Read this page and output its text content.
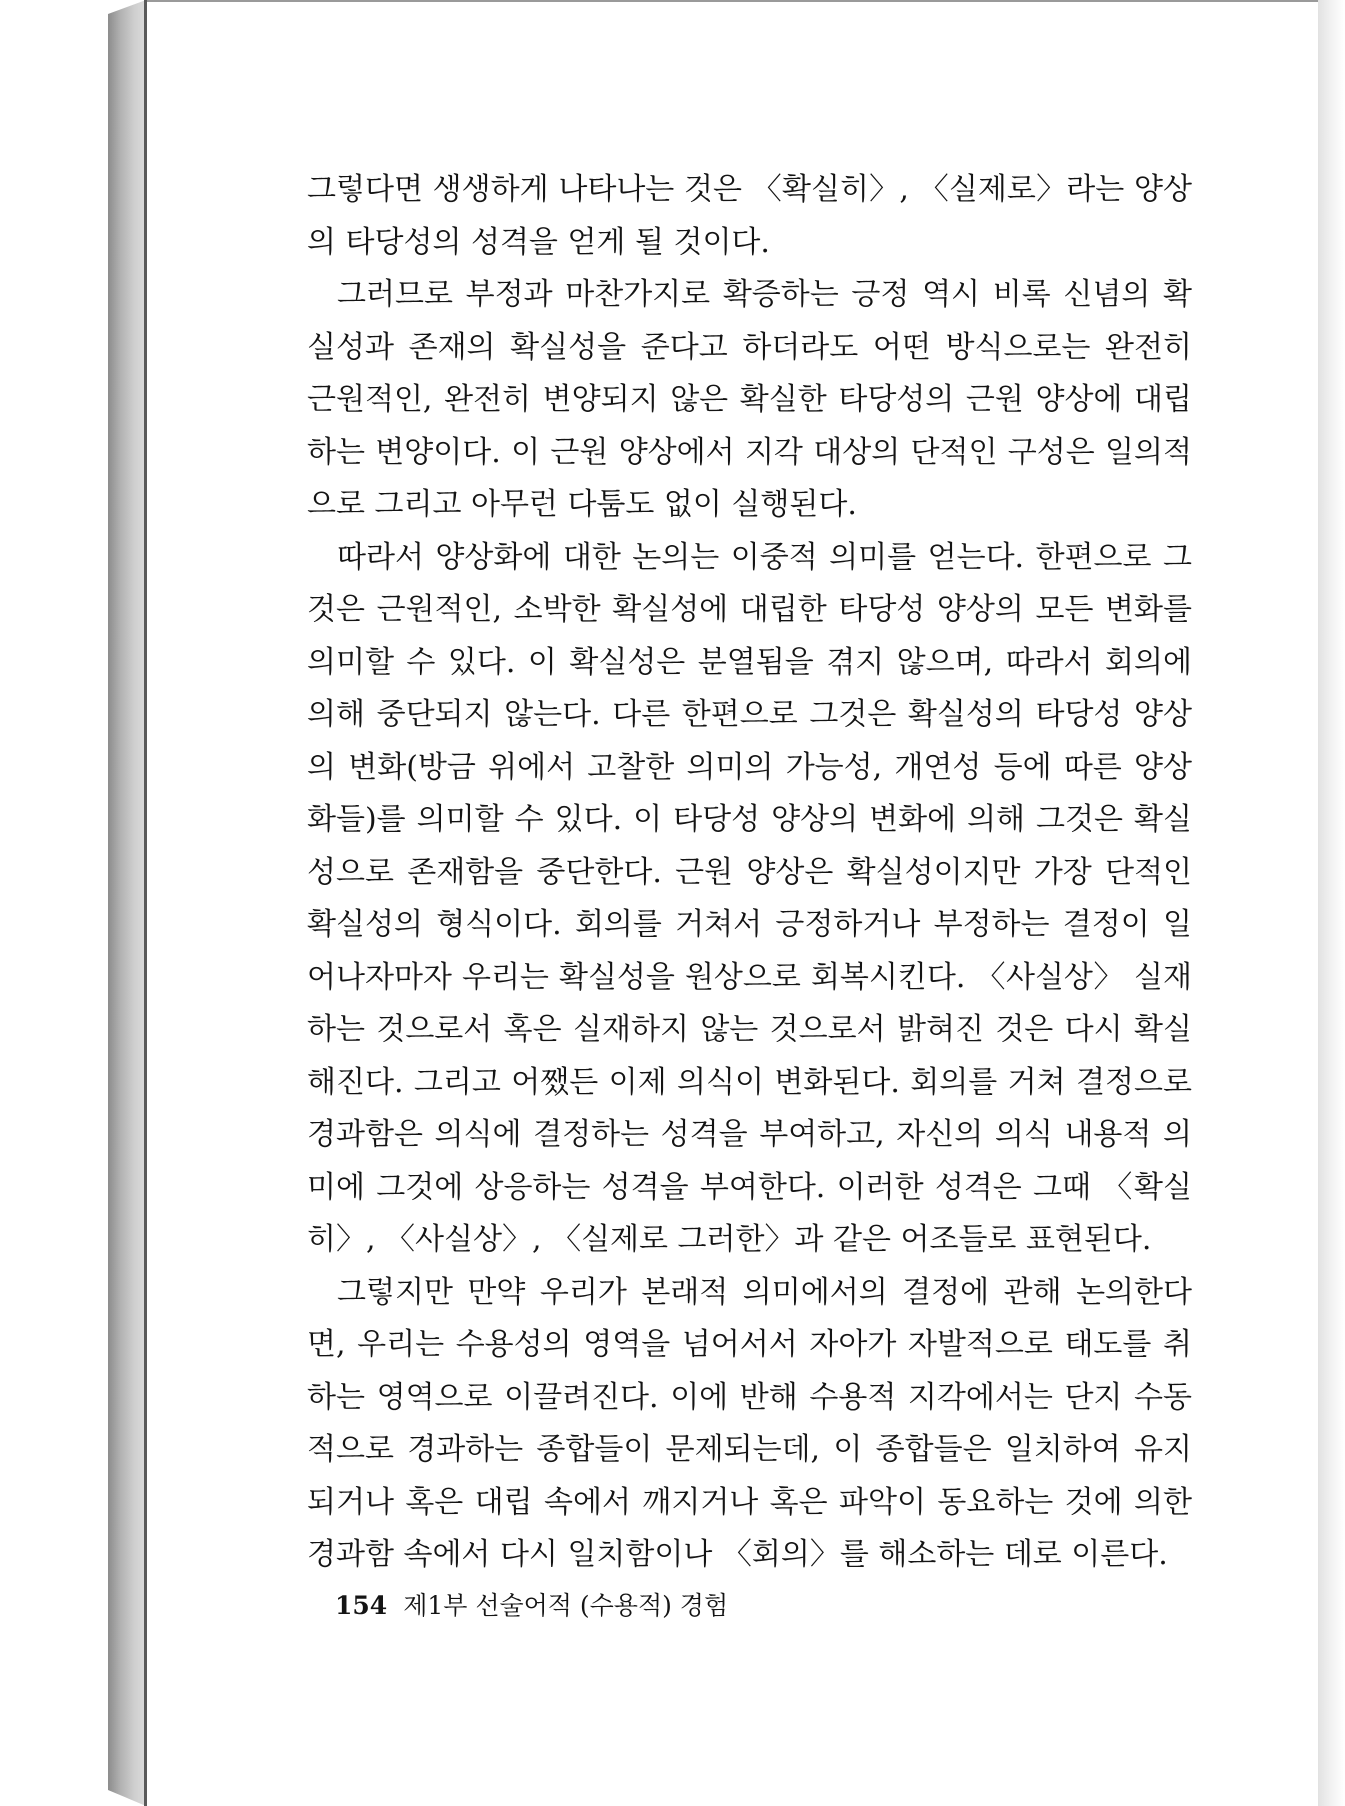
그렇다면 생생하게 나타나는 것은 〈확실히〉, 〈실제로〉라는 양상의 타당성의 성격을 얻게 될 것이다.

그러므로 부정과 마찬가지로 확증하는 긍정 역시 비록 신념의 확실성과 존재의 확실성을 준다고 하더라도 어떤 방식으로는 완전히 근원적인, 완전히 변양되지 않은 확실한 타당성의 근원 양상에 대립하는 변양이다. 이 근원 양상에서 지각 대상의 단적인 구성은 일의적으로 그리고 아무런 다툼도 없이 실행된다.

따라서 양상화에 대한 논의는 이중적 의미를 얻는다. 한편으로 그것은 근원적인, 소박한 확실성에 대립한 타당성 양상의 모든 변화를 의미할 수 있다. 이 확실성은 분열됨을 겪지 않으며, 따라서 회의에 의해 중단되지 않는다. 다른 한편으로 그것은 확실성의 타당성 양상의 변화(방금 위에서 고찰한 의미의 가능성, 개연성 등에 따른 양상화들)를 의미할 수 있다. 이 타당성 양상의 변화에 의해 그것은 확실성으로 존재함을 중단한다. 근원 양상은 확실성이지만 가장 단적인 확실성의 형식이다. 회의를 거쳐서 긍정하거나 부정하는 결정이 일어나자마자 우리는 확실성을 원상으로 회복시킨다. 〈사실상〉 실재하는 것으로서 혹은 실재하지 않는 것으로서 밝혀진 것은 다시 확실해진다. 그리고 어쨌든 이제 의식이 변화된다. 회의를 거쳐 결정으로 경과함은 의식에 결정하는 성격을 부여하고, 자신의 의식 내용적 의미에 그것에 상응하는 성격을 부여한다. 이러한 성격은 그때 〈확실히〉, 〈사실상〉, 〈실제로 그러한〉과 같은 어조들로 표현된다.

그렇지만 만약 우리가 본래적 의미에서의 결정에 관해 논의한다면, 우리는 수용성의 영역을 넘어서서 자아가 자발적으로 태도를 취하는 영역으로 이끌려진다. 이에 반해 수용적 지각에서는 단지 수동적으로 경과하는 종합들이 문제되는데, 이 종합들은 일치하여 유지되거나 혹은 대립 속에서 깨지거나 혹은 파악이 동요하는 것에 의한 경과함 속에서 다시 일치함이나 〈회의〉를 해소하는 데로 이른다.

154 제1부 선술어적 (수용적) 경험
